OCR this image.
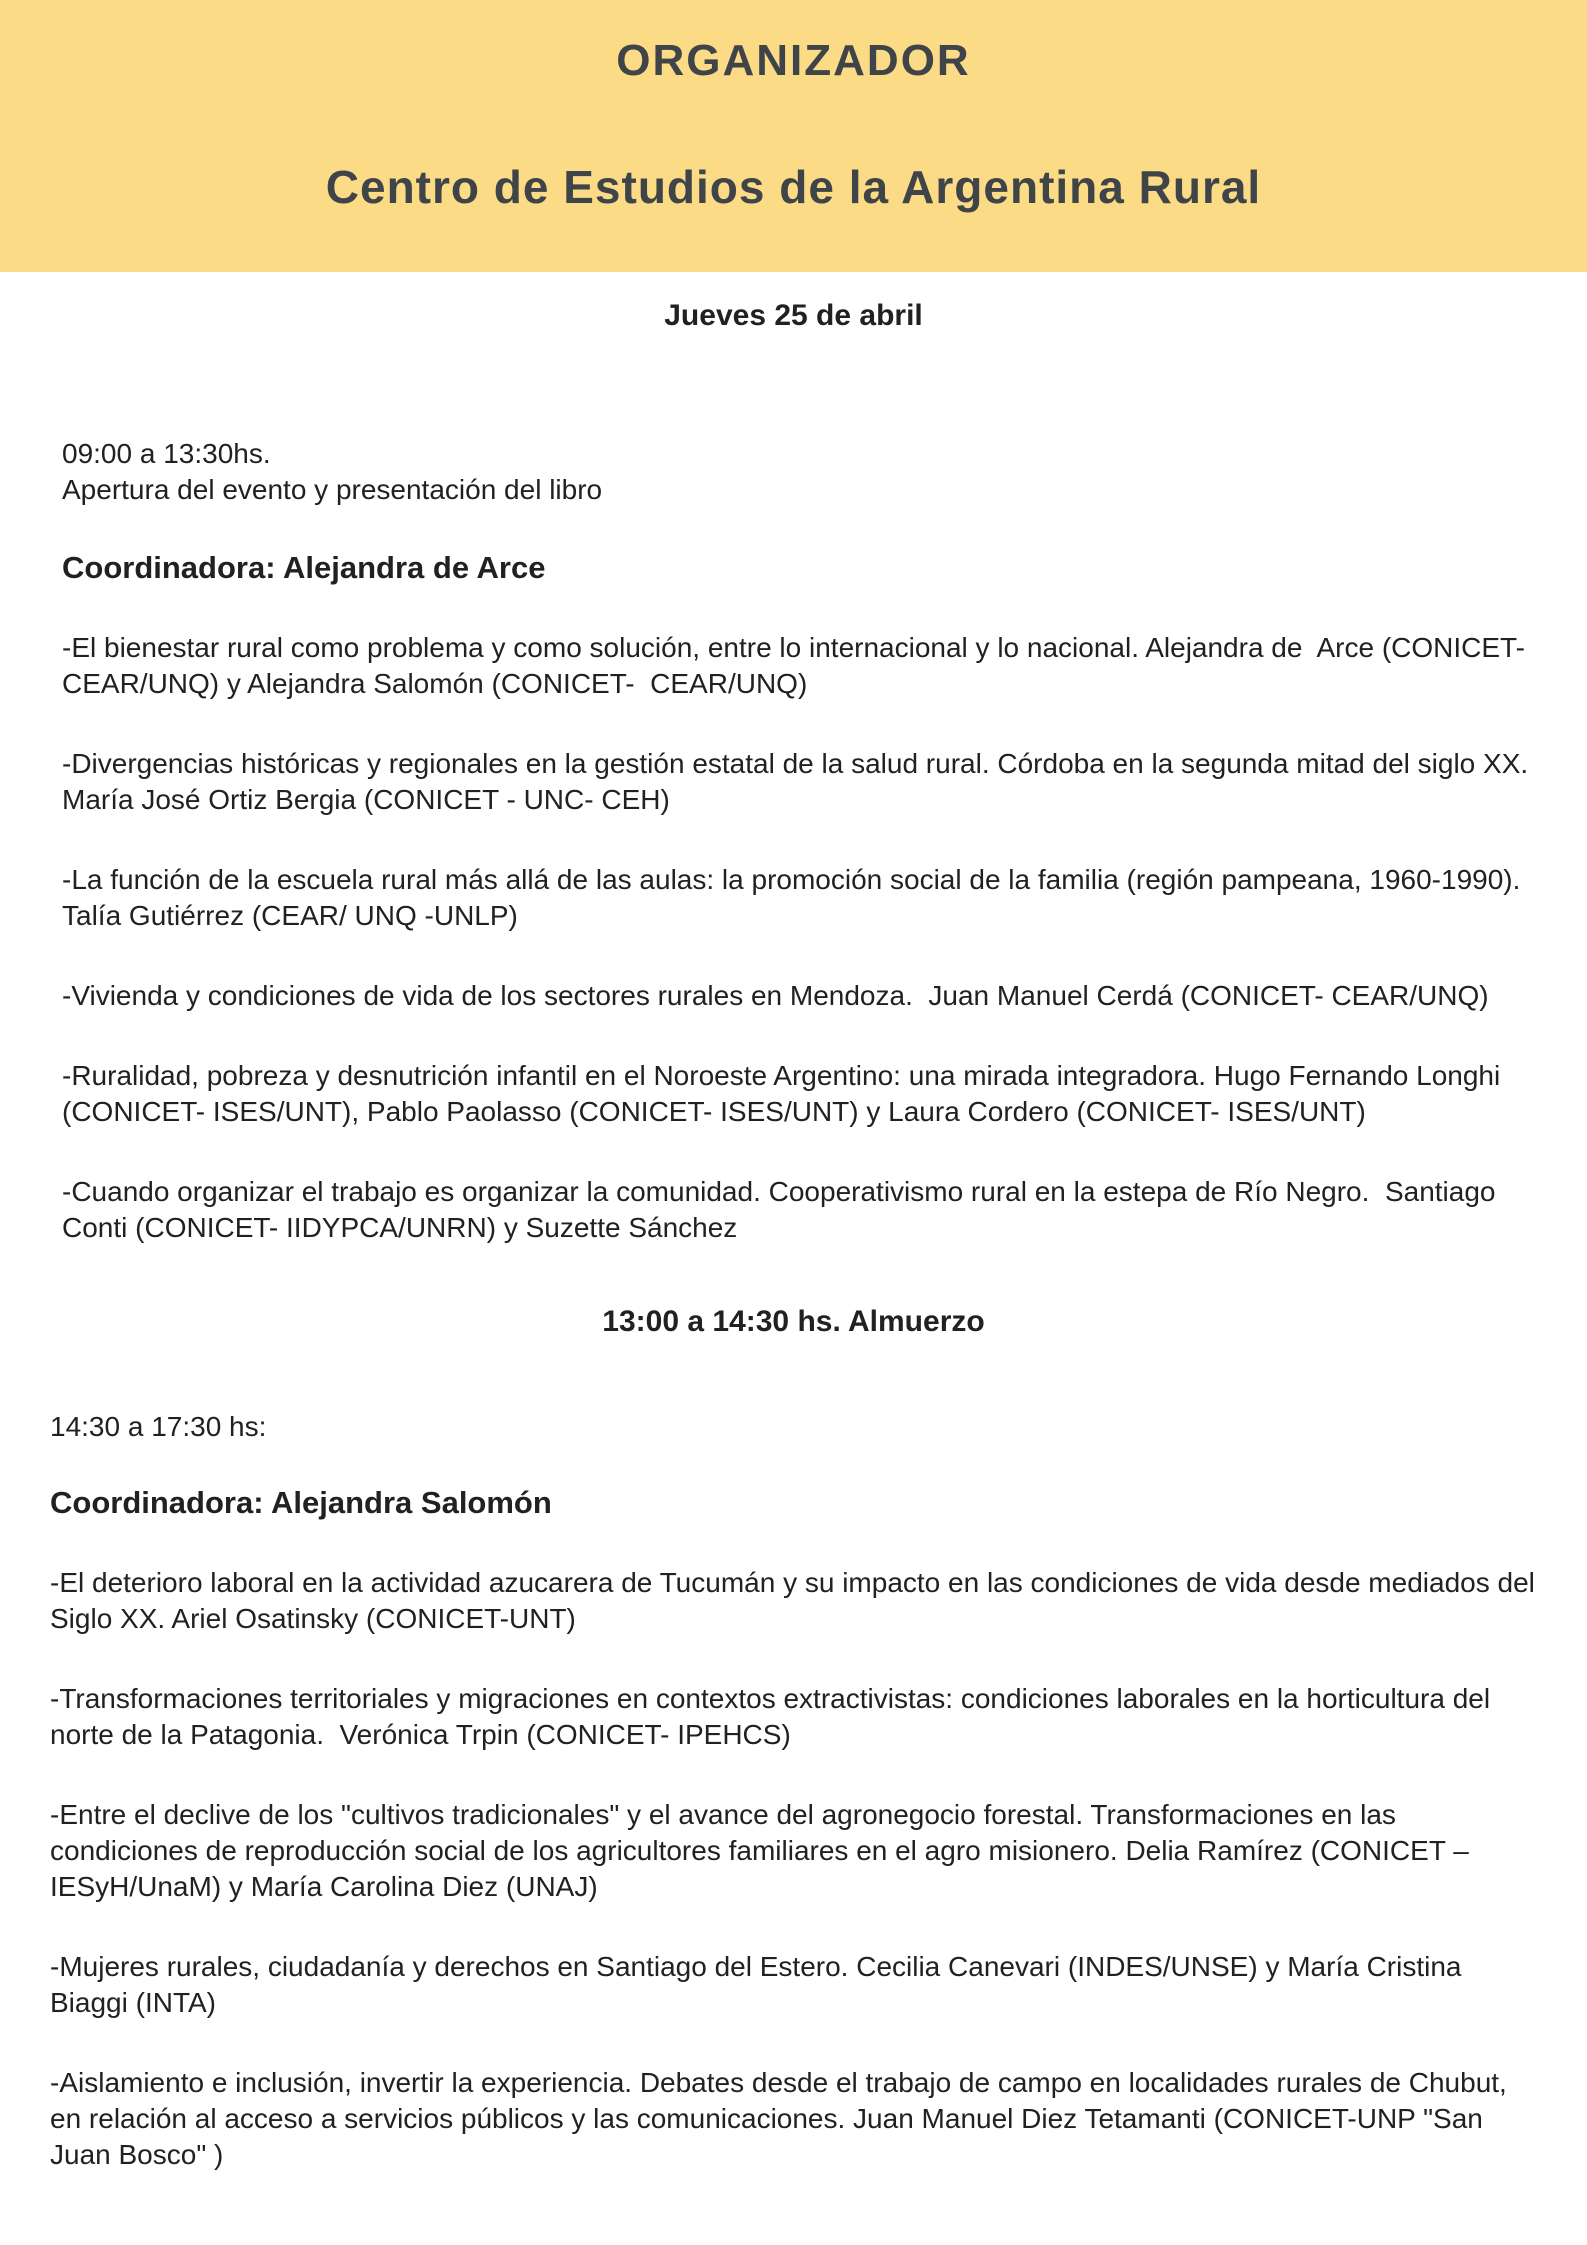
ORGANIZADOR
Centro de Estudios de la Argentina Rural
Jueves 25 de abril
09:00 a 13:30hs.
Apertura del evento y presentación del libro

Coordinadora: Alejandra de Arce

-El bienestar rural como problema y como solución, entre lo internacional y lo nacional. Alejandra de  Arce (CONICET- CEAR/UNQ) y Alejandra Salomón (CONICET-  CEAR/UNQ)

-Divergencias históricas y regionales en la gestión estatal de la salud rural. Córdoba en la segunda mitad del siglo XX. María José Ortiz Bergia (CONICET - UNC- CEH)

-La función de la escuela rural más allá de las aulas: la promoción social de la familia (región pampeana, 1960-1990). Talía Gutiérrez (CEAR/ UNQ -UNLP)

-Vivienda y condiciones de vida de los sectores rurales en Mendoza.  Juan Manuel Cerdá (CONICET- CEAR/UNQ)

-Ruralidad, pobreza y desnutrición infantil en el Noroeste Argentino: una mirada integradora. Hugo Fernando Longhi (CONICET- ISES/UNT), Pablo Paolasso (CONICET- ISES/UNT) y Laura Cordero (CONICET- ISES/UNT)

-Cuando organizar el trabajo es organizar la comunidad. Cooperativismo rural en la estepa de Río Negro.  Santiago Conti (CONICET- IIDYPCA/UNRN) y Suzette Sánchez

13:00 a 14:30 hs. Almuerzo

14:30 a 17:30 hs:

Coordinadora: Alejandra Salomón

-El deterioro laboral en la actividad azucarera de Tucumán y su impacto en las condiciones de vida desde mediados del Siglo XX. Ariel Osatinsky (CONICET-UNT)

-Transformaciones territoriales y migraciones en contextos extractivistas: condiciones laborales en la horticultura del norte de la Patagonia.  Verónica Trpin (CONICET- IPEHCS)

-Entre el declive de los "cultivos tradicionales" y el avance del agronegocio forestal. Transformaciones en las condiciones de reproducción social de los agricultores familiares en el agro misionero. Delia Ramírez (CONICET – IESyH/UnaM) y María Carolina Diez (UNAJ)

-Mujeres rurales, ciudadanía y derechos en Santiago del Estero. Cecilia Canevari (INDES/UNSE) y María Cristina Biaggi (INTA)

-Aislamiento e inclusión, invertir la experiencia. Debates desde el trabajo de campo en localidades rurales de Chubut, en relación al acceso a servicios públicos y las comunicaciones. Juan Manuel Diez Tetamanti (CONICET-UNP "San Juan Bosco" )
